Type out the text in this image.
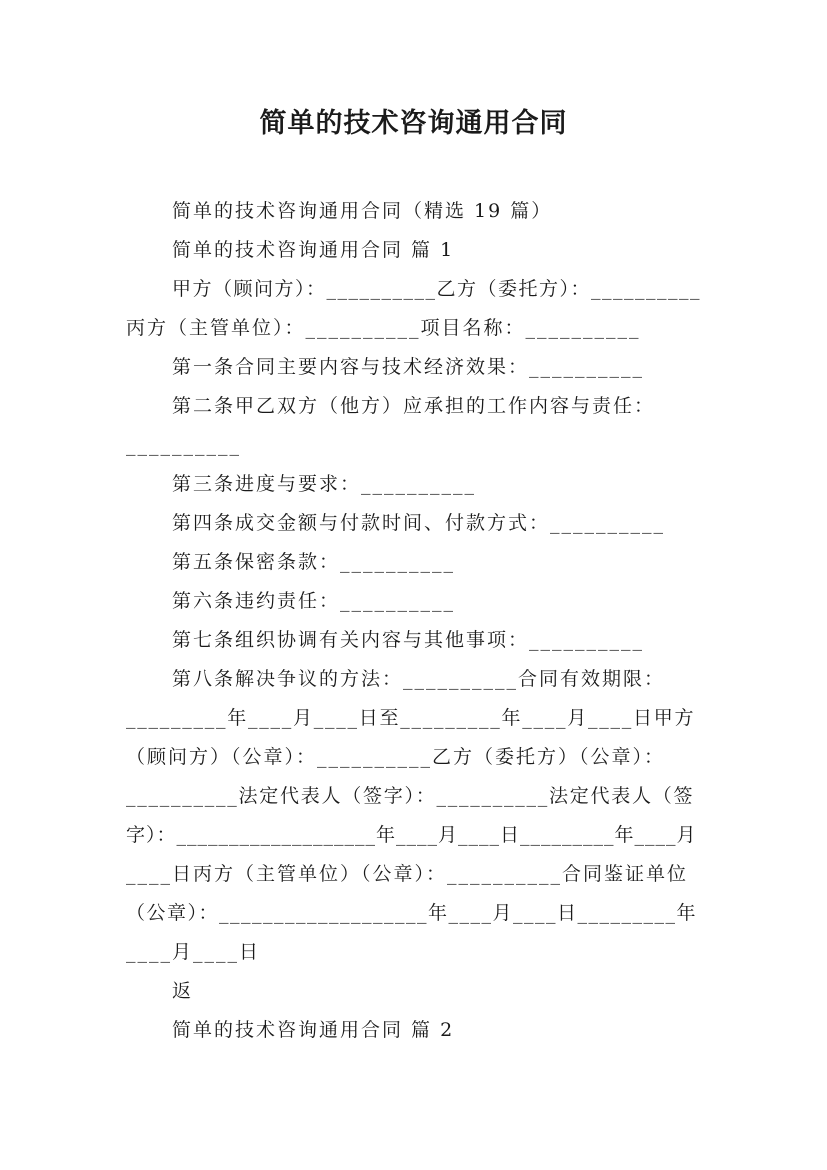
简单的技术咨询通用合同
简单的技术咨询通用合同（精选 19 篇）
简单的技术咨询通用合同 篇 1
甲方（顾问方）：__________乙方（委托方）：__________
丙方（主管单位）：__________项目名称：__________
第一条合同主要内容与技术经济效果：__________
第二条甲乙双方（他方）应承担的工作内容与责任：
__________
第三条进度与要求：__________
第四条成交金额与付款时间、付款方式：__________
第五条保密条款：__________
第六条违约责任：__________
第七条组织协调有关内容与其他事项：__________
第八条解决争议的方法：__________合同有效期限：
_________年____月____日至_________年____月____日甲方
（顾问方）（公章）：__________乙方（委托方）（公章）：
__________法定代表人（签字）：__________法定代表人（签
字）：___________________年____月____日_________年____月
____日丙方（主管单位）（公章）：__________合同鉴证单位
（公章）：___________________年____月____日_________年
____月____日
返
简单的技术咨询通用合同 篇 2
